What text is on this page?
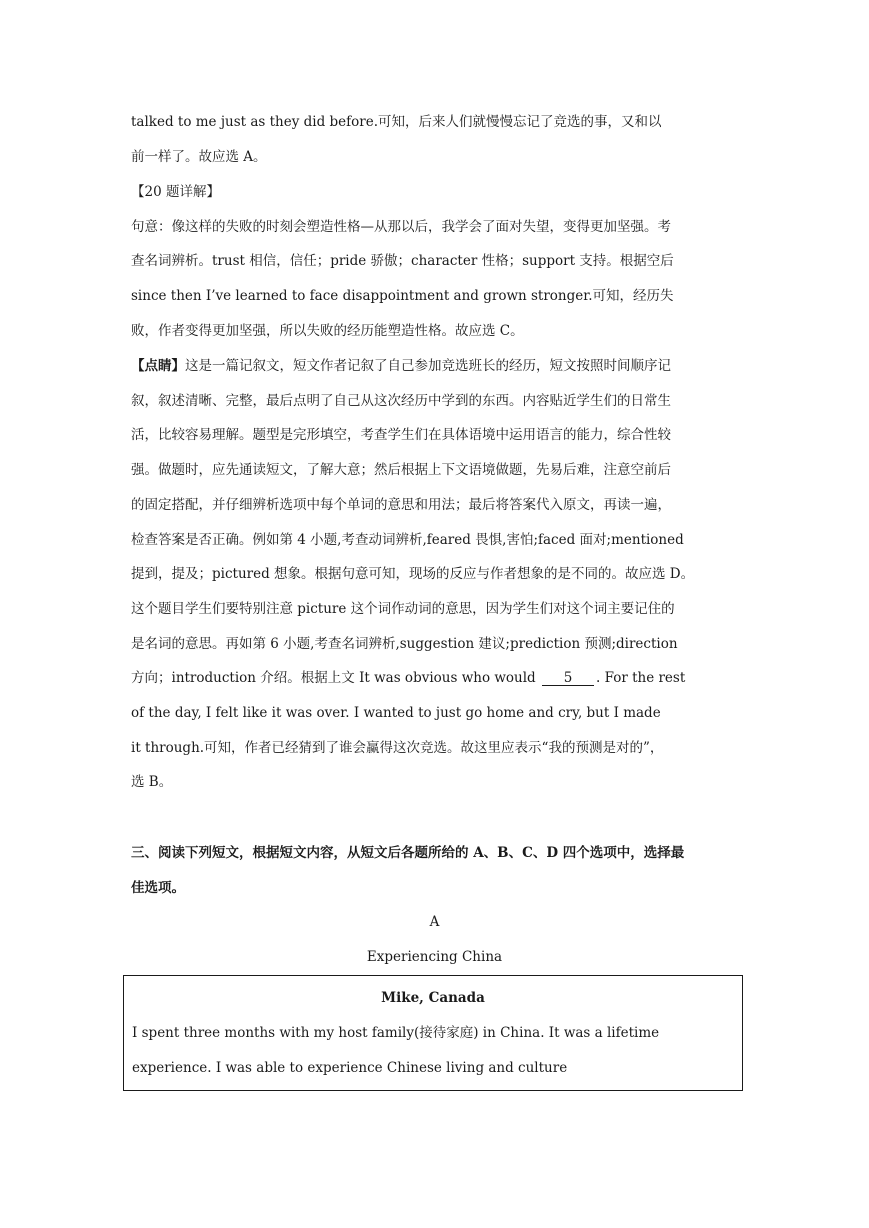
talked to me just as they did before.可知，后来人们就慢慢忘记了竞选的事，又和以
前一样了。故应选 A。

【20 题详解】
句意：像这样的失败的时刻会塑造性格—从那以后，我学会了面对失望，变得更加坚强。考
查名词辨析。trust 相信，信任；pride 骄傲；character 性格；support 支持。根据空后
since then I’ve learned to face disappointment and grown stronger.可知，经历失
败，作者变得更加坚强，所以失败的经历能塑造性格。故应选 C。

【点睛】这是一篇记叙文，短文作者记叙了自己参加竞选班长的经历，短文按照时间顺序记
叙，叙述清晰、完整，最后点明了自己从这次经历中学到的东西。内容贴近学生们的日常生
活，比较容易理解。题型是完形填空，考查学生们在具体语境中运用语言的能力，综合性较
强。做题时，应先通读短文，了解大意；然后根据上下文语境做题，先易后难，注意空前后
的固定搭配，并仔细辨析选项中每个单词的意思和用法；最后将答案代入原文，再读一遍，
检查答案是否正确。例如第 4 小题,考查动词辨析,feared 畏惧,害怕;faced 面对;mentioned
提到，提及；pictured 想象。根据句意可知，现场的反应与作者想象的是不同的。故应选 D。
这个题目学生们要特别注意 picture 这个词作动词的意思，因为学生们对这个词主要记住的
是名词的意思。再如第 6 小题,考查名词辨析,suggestion 建议;prediction 预测;direction
方向；introduction 介绍。根据上文 It was obvious who would 5 . For the rest
of the day, I felt like it was over. I wanted to just go home and cry, but I made
it through.可知，作者已经猜到了谁会赢得这次竞选。故这里应表示“我的预测是对的”，
选 B。

三、阅读下列短文，根据短文内容，从短文后各题所给的 A、B、C、D 四个选项中，选择最
佳选项。

A

Experiencing China

Mike, Canada

I spent three months with my host family(接待家庭) in China. It was a lifetime
experience. I was able to experience Chinese living and culture
